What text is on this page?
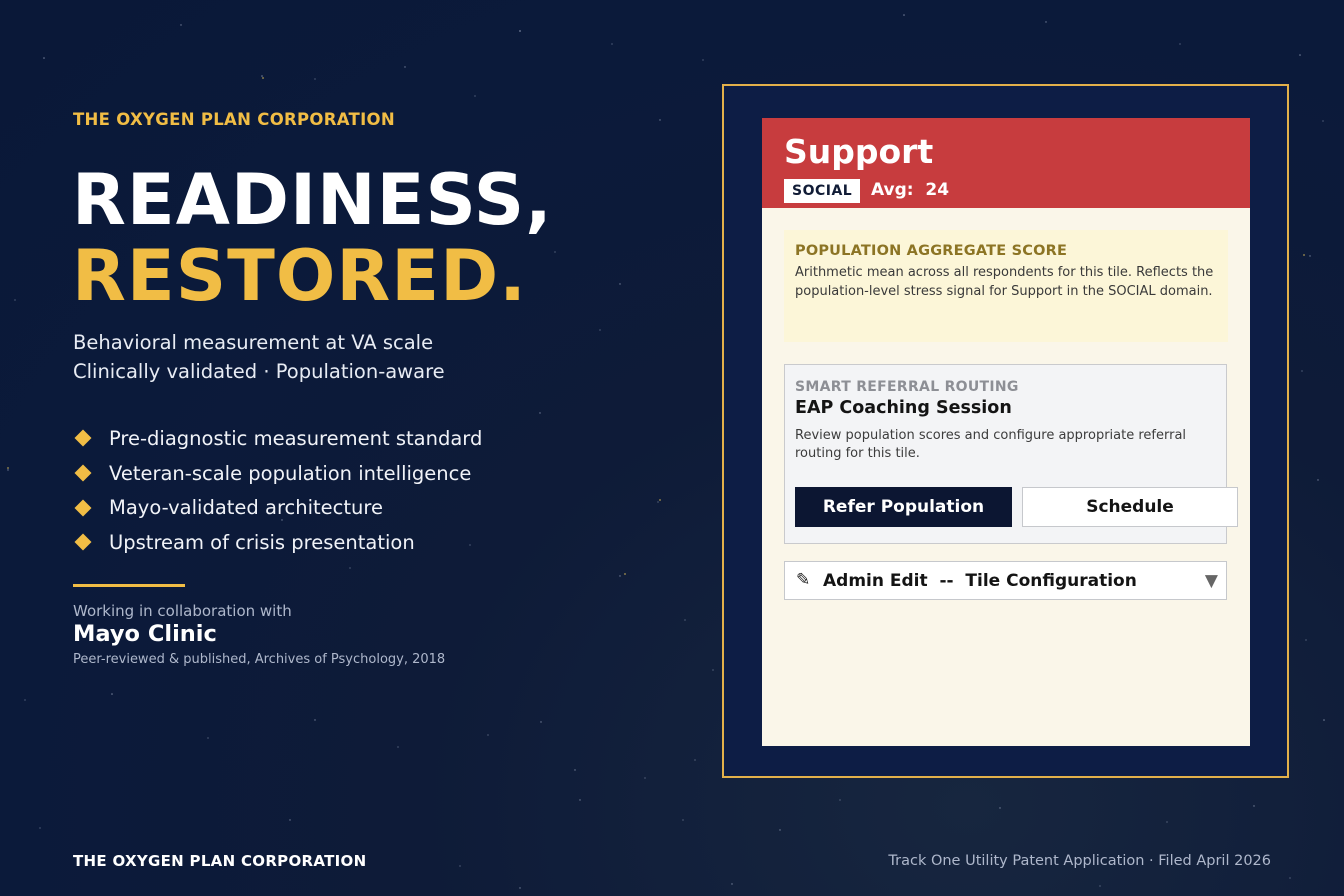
THE OXYGEN PLAN CORPORATION
READINESS,
RESTORED.
Behavioral measurement at VA scale
Clinically validated · Population-aware
Pre-diagnostic measurement standard
Veteran-scale population intelligence
Mayo-validated architecture
Upstream of crisis presentation
Working in collaboration with
Mayo Clinic
Peer-reviewed & published, Archives of Psychology, 2018
Support
SOCIAL	Avg:  24
POPULATION AGGREGATE SCORE
Arithmetic mean across all respondents for this tile. Reflects the population-level stress signal for Support in the SOCIAL domain.
SMART REFERRAL ROUTING
EAP Coaching Session
Review population scores and configure appropriate referral routing for this tile.
Refer Population	Schedule
✎ Admin Edit  --  Tile Configuration	▼
THE OXYGEN PLAN CORPORATION	Track One Utility Patent Application · Filed April 2026
